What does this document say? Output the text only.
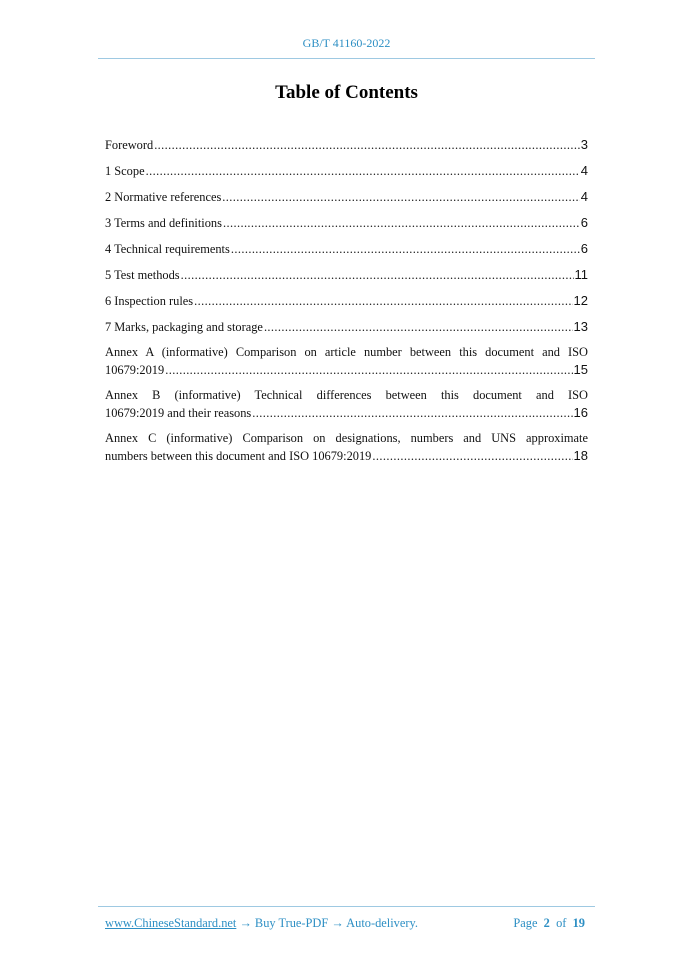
GB/T 41160-2022
Table of Contents
Foreword .....	3
1 Scope .....	4
2 Normative references .....	4
3 Terms and definitions .....	6
4 Technical requirements .....	6
5 Test methods .....	11
6 Inspection rules .....	12
7 Marks, packaging and storage .....	13
Annex A (informative) Comparison on article number between this document and ISO
10679:2019 .....	15
Annex B (informative) Technical differences between this document and ISO
10679:2019 and their reasons .....	16
Annex C (informative) Comparison on designations, numbers and UNS approximate
numbers between this document and ISO 10679:2019 .....	18
www.ChineseStandard.net → Buy True-PDF → Auto-delivery.	Page 2 of 19
